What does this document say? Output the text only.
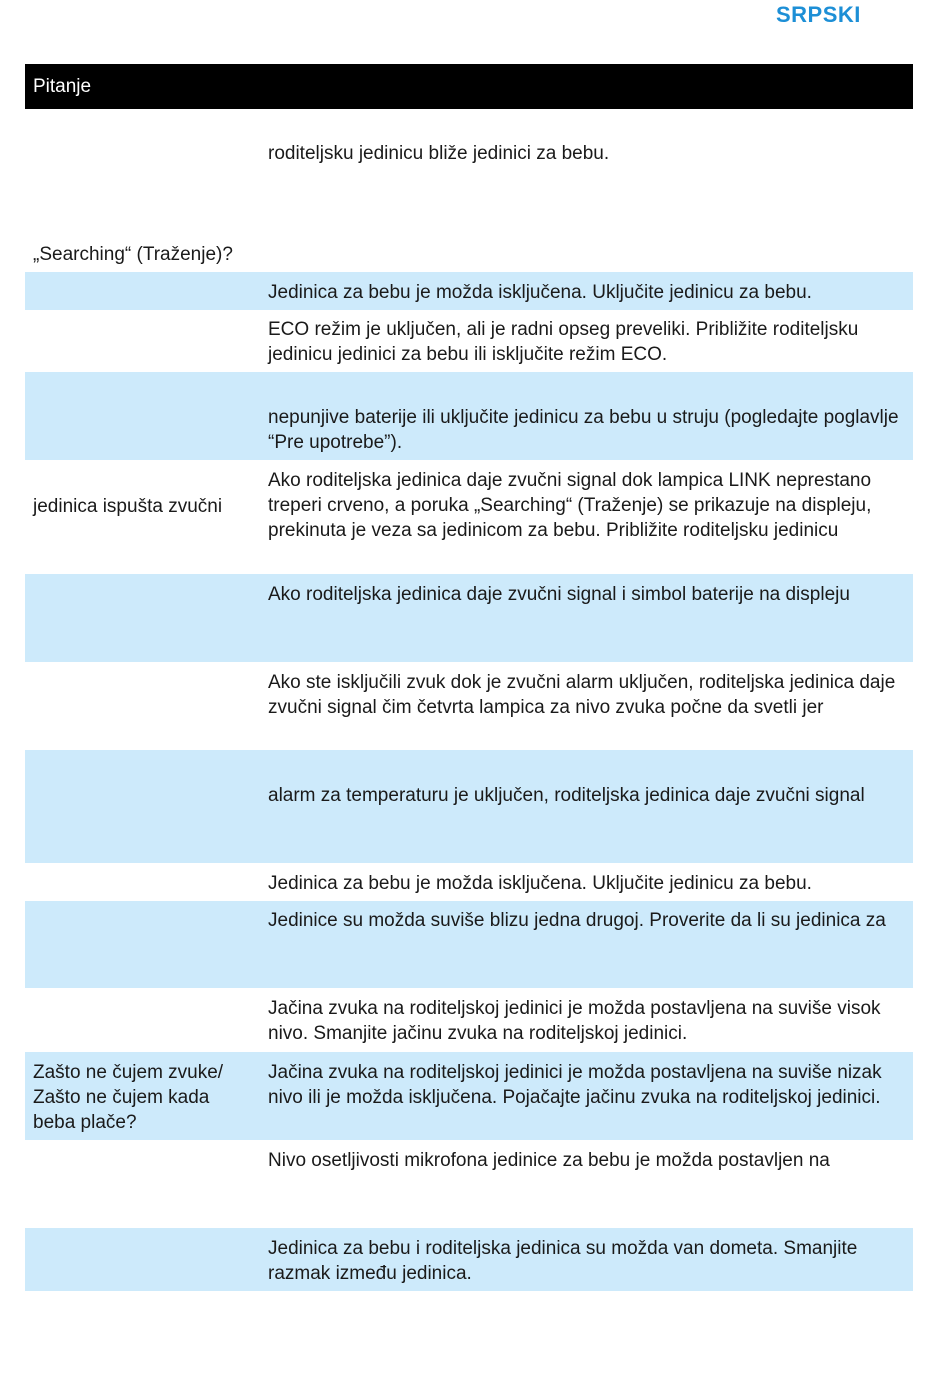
SRPSKI
Pitanje
„Searching“ (Traženje)?
roditeljsku jedinicu bliže jedinici za bebu.
Jedinica za bebu je možda isključena. Uključite jedinicu za bebu.
ECO režim je uključen, ali je radni opseg preveliki. Približite roditeljsku jedinicu jedinici za bebu ili isključite režim ECO.
nepunjive baterije ili uključite jedinicu za bebu u struju (pogledajte poglavlje “Pre upotrebe”).
jedinica ispušta zvučni
Ako roditeljska jedinica daje zvučni signal dok lampica LINK neprestano treperi crveno, a poruka „Searching“ (Traženje) se prikazuje na displeju, prekinuta je veza sa jedinicom za bebu. Približite roditeljsku jedinicu
Ako roditeljska jedinica daje zvučni signal i simbol baterije na displeju
Ako ste isključili zvuk dok je zvučni alarm uključen, roditeljska jedinica daje zvučni signal čim četvrta lampica za nivo zvuka počne da svetli jer
alarm za temperaturu je uključen, roditeljska jedinica daje zvučni signal
Jedinica za bebu je možda isključena. Uključite jedinicu za bebu.
Jedinice su možda suviše blizu jedna drugoj. Proverite da li su jedinica za
Jačina zvuka na roditeljskoj jedinici je možda postavljena na suviše visok nivo. Smanjite jačinu zvuka na roditeljskoj jedinici.
Zašto ne čujem zvuke/
Zašto ne čujem kada
beba plače?
Jačina zvuka na roditeljskoj jedinici je možda postavljena na suviše nizak nivo ili je možda isključena. Pojačajte jačinu zvuka na roditeljskoj jedinici.
Nivo osetljivosti mikrofona jedinice za bebu je možda postavljen na
Jedinica za bebu i roditeljska jedinica su možda van dometa. Smanjite razmak između jedinica.
